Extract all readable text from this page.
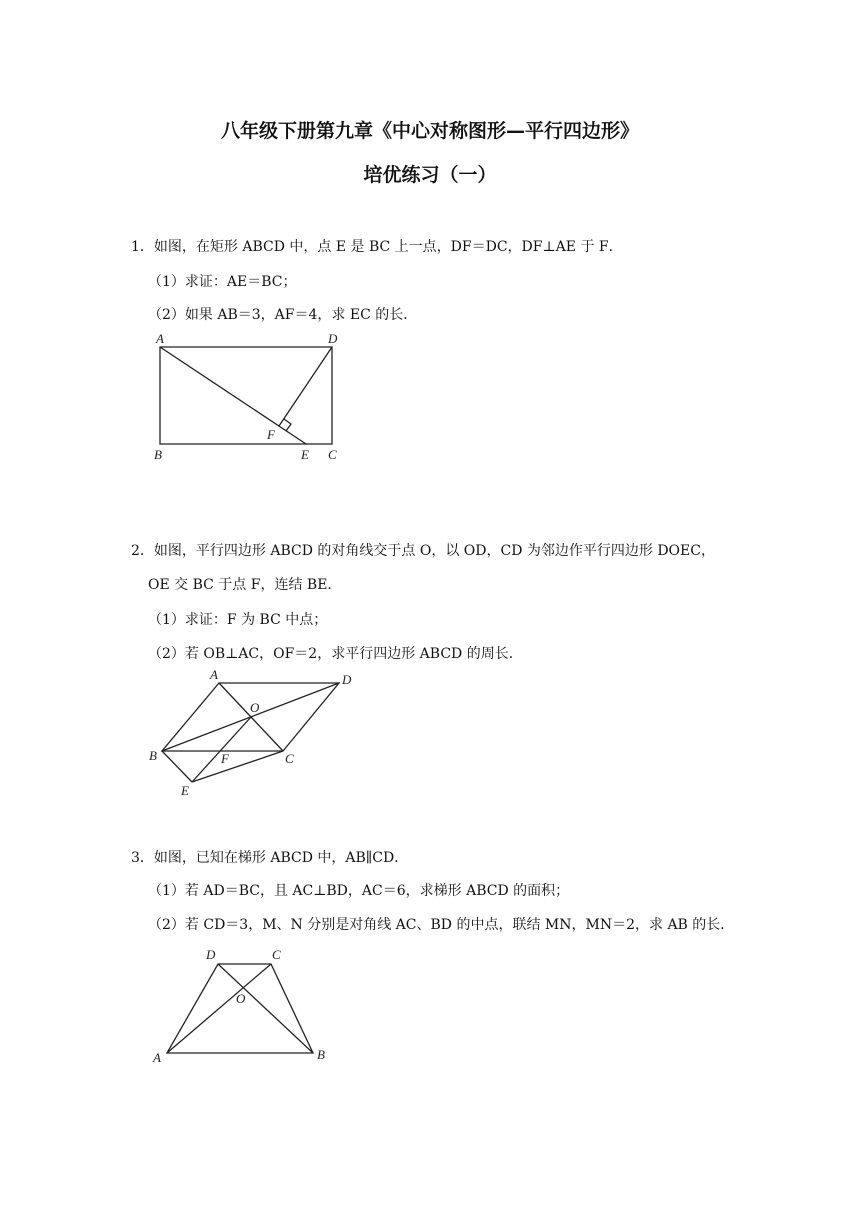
八年级下册第九章《中心对称图形—平行四边形》
培优练习（一）
1．如图，在矩形 ABCD 中，点 E 是 BC 上一点，DF＝DC，DF⊥AE 于 F．
（1）求证：AE＝BC；
（2）如果 AB＝3，AF＝4，求 EC 的长．
A	D
F
B	E C
2．如图，平行四边形 ABCD 的对角线交于点 O，以 OD，CD 为邻边作平行四边形 DOEC，
OE 交 BC 于点 F，连结 BE．
（1）求证：F 为 BC 中点；
（2）若 OB⊥AC，OF＝2，求平行四边形 ABCD 的周长．
A	D
O
B	F	C
E
3．如图，已知在梯形 ABCD 中，AB∥CD．
（1）若 AD＝BC，且 AC⊥BD，AC＝6，求梯形 ABCD 的面积；
（2）若 CD＝3，M、N 分别是对角线 AC、BD 的中点，联结 MN，MN＝2，求 AB 的长．
D	C
O
A	B
